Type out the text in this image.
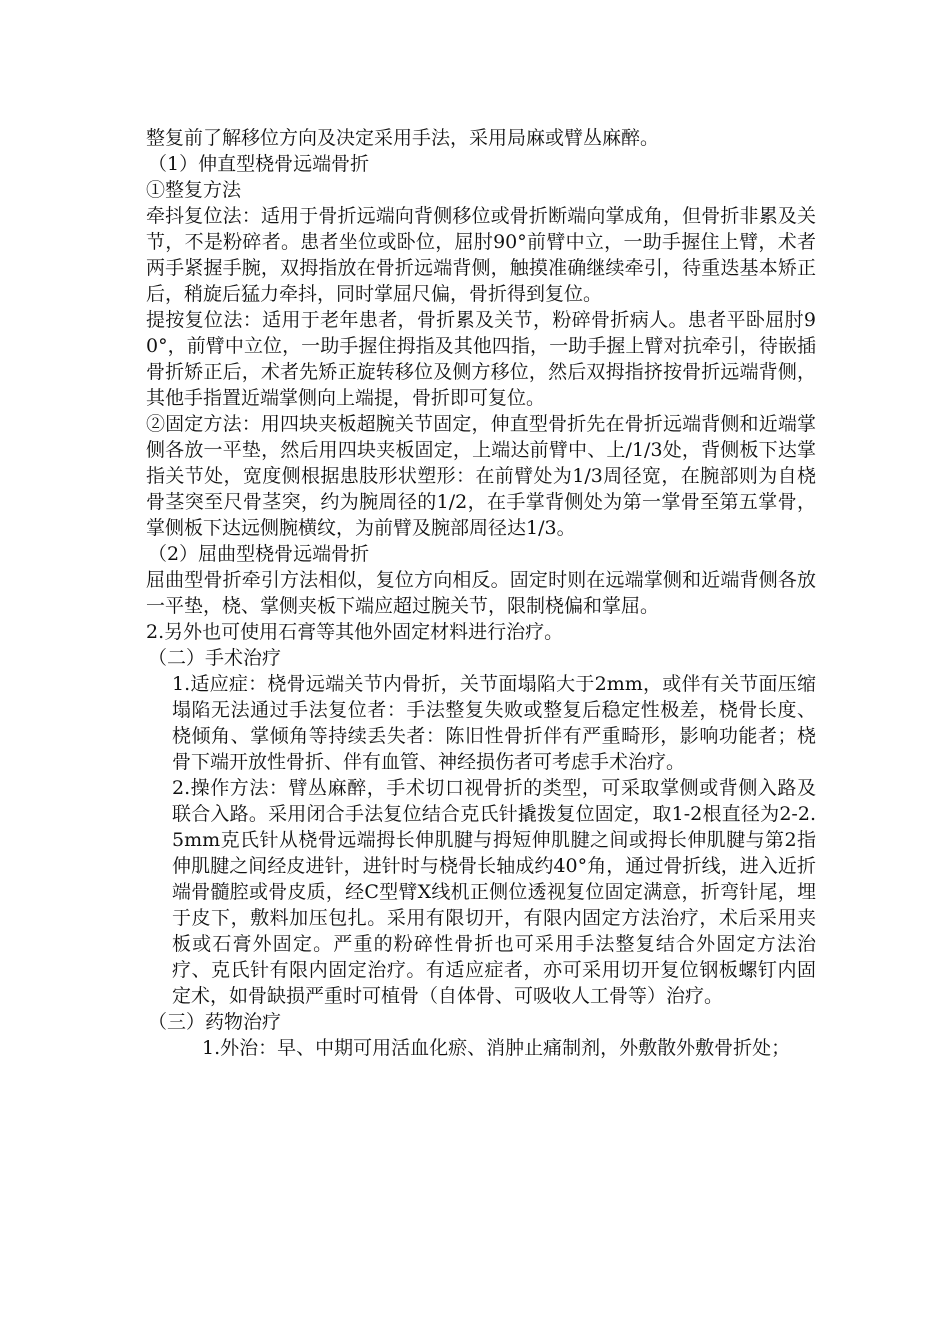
整复前了解移位方向及决定采用手法，采用局麻或臂丛麻醉。

（1）伸直型桡骨远端骨折

①整复方法

牵抖复位法：适用于骨折远端向背侧移位或骨折断端向掌成角，但骨折非累及关节，不是粉碎者。患者坐位或卧位，屈肘90°前臂中立，一助手握住上臂，术者两手紧握手腕，双拇指放在骨折远端背侧，触摸准确继续牵引，待重迭基本矫正后，稍旋后猛力牵抖，同时掌屈尺偏，骨折得到复位。

提按复位法：适用于老年患者，骨折累及关节，粉碎骨折病人。患者平卧屈肘90°，前臂中立位，一助手握住拇指及其他四指，一助手握上臂对抗牵引，待嵌插骨折矫正后，术者先矫正旋转移位及侧方移位，然后双拇指挤按骨折远端背侧，其他手指置近端掌侧向上端提，骨折即可复位。

②固定方法：用四块夹板超腕关节固定，伸直型骨折先在骨折远端背侧和近端掌侧各放一平垫，然后用四块夹板固定，上端达前臂中、上/1/3处，背侧板下达掌指关节处，宽度侧根据患肢形状塑形：在前臂处为1/3周径宽，在腕部则为自桡骨茎突至尺骨茎突，约为腕周径的1/2，在手掌背侧处为第一掌骨至第五掌骨，掌侧板下达远侧腕横纹，为前臂及腕部周径达1/3。

（2）屈曲型桡骨远端骨折

屈曲型骨折牵引方法相似，复位方向相反。固定时则在远端掌侧和近端背侧各放一平垫，桡、掌侧夹板下端应超过腕关节，限制桡偏和掌屈。

2.另外也可使用石膏等其他外固定材料进行治疗。

（二）手术治疗

1.适应症：桡骨远端关节内骨折，关节面塌陷大于2mm，或伴有关节面压缩塌陷无法通过手法复位者：手法整复失败或整复后稳定性极差，桡骨长度、桡倾角、掌倾角等持续丢失者：陈旧性骨折伴有严重畸形，影响功能者；桡骨下端开放性骨折、伴有血管、神经损伤者可考虑手术治疗。

2.操作方法：臂丛麻醉，手术切口视骨折的类型，可采取掌侧或背侧入路及联合入路。采用闭合手法复位结合克氏针撬拨复位固定，取1-2根直径为2-2.5mm克氏针从桡骨远端拇长伸肌腱与拇短伸肌腱之间或拇长伸肌腱与第2指伸肌腱之间经皮进针，进针时与桡骨长轴成约40°角，通过骨折线，进入近折端骨髓腔或骨皮质，经C型臂X线机正侧位透视复位固定满意，折弯针尾，埋于皮下，敷料加压包扎。采用有限切开，有限内固定方法治疗，术后采用夹板或石膏外固定。严重的粉碎性骨折也可采用手法整复结合外固定方法治疗、克氏针有限内固定治疗。有适应症者，亦可采用切开复位钢板螺钉内固定术，如骨缺损严重时可植骨（自体骨、可吸收人工骨等）治疗。

（三）药物治疗

1.外治：早、中期可用活血化瘀、消肿止痛制剂，外敷散外敷骨折处；
